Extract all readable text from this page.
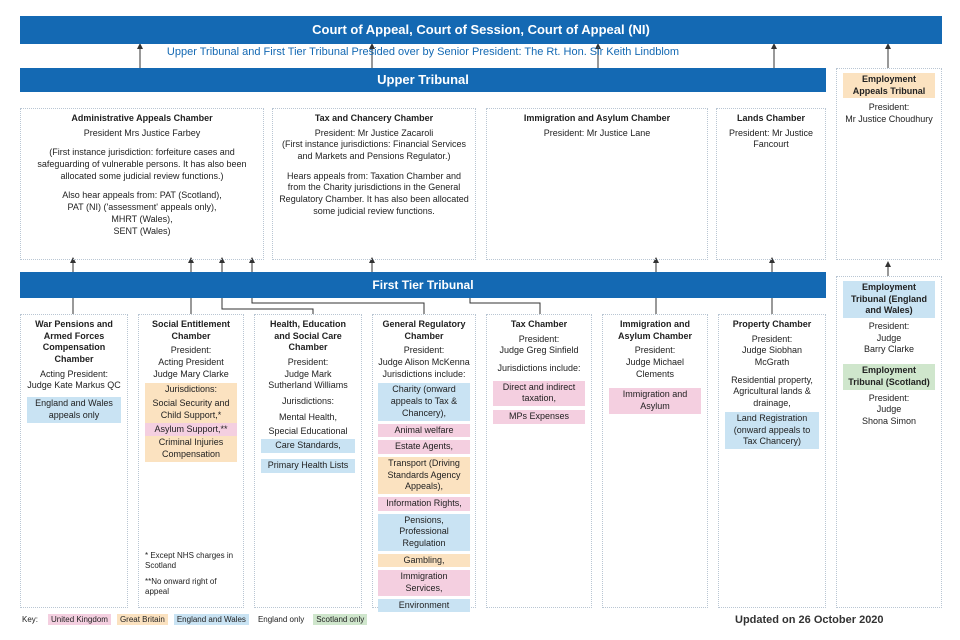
Court of Appeal, Court of Session, Court of Appeal (NI)
Upper Tribunal and First Tier Tribunal Presided over by Senior President: The Rt. Hon. Sir Keith Lindblom
Upper Tribunal
Administrative Appeals Chamber
President Mrs Justice Farbey
(First instance jurisdiction: forfeiture cases and safeguarding of vulnerable persons. It has also been allocated some judicial review functions.)
Also hear appeals from: PAT (Scotland),
PAT (NI) ('assessment' appeals only),
MHRT (Wales),
SENT (Wales)
Tax and Chancery Chamber
President: Mr Justice Zacaroli
(First instance jurisdictions: Financial Services and Markets and Pensions Regulator.)
Hears appeals from: Taxation Chamber and from the Charity jurisdictions in the General Regulatory Chamber. It has also been allocated
some judicial review functions.
Immigration and Asylum Chamber
President: Mr Justice Lane
Lands Chamber
President: Mr Justice Fancourt
Employment Appeals Tribunal
President:
Mr Justice Choudhury
First Tier Tribunal	Employment Tribunal (England and Wales)
President:
Judge
Barry Clarke
Employment Tribunal (Scotland)
President:
Judge
Shona Simon
War Pensions and Armed Forces Compensation Chamber
Acting President:
Judge Kate Markus QC
England and Wales appeals only
Social Entitlement Chamber
President:
Acting President
Judge Mary Clarke
Jurisdictions:
Social Security and Child Support,*
Asylum Support,**
Criminal Injuries Compensation
* Except NHS charges in Scotland
**No onward right of appeal
Health, Education and Social Care Chamber
President:
Judge Mark
Sutherland Williams
Jurisdictions:
Mental Health,
Special Educational
Care Standards,
Primary Health Lists
General Regulatory Chamber
President:
Judge Alison McKenna
Jurisdictions include:
Charity (onward appeals to Tax & Chancery),
Animal welfare
Estate Agents,
Transport (Driving Standards Agency Appeals),
Information Rights,
Pensions, Professional Regulation
Gambling,
Immigration Services,
Environment
Tax Chamber
President:
Judge Greg Sinfield
Jurisdictions include:
Direct and indirect taxation,
MPs Expenses
Immigration and Asylum Chamber
President:
Judge Michael
Clements
Immigration and Asylum
Property Chamber
President:
Judge Siobhan
McGrath
Residential property, Agricultural lands & drainage,
Land Registration (onward appeals to Tax Chancery)
Key:	United Kingdom	Great Britain	England and Wales	England only	Scotland only	Updated on 26 October 2020
